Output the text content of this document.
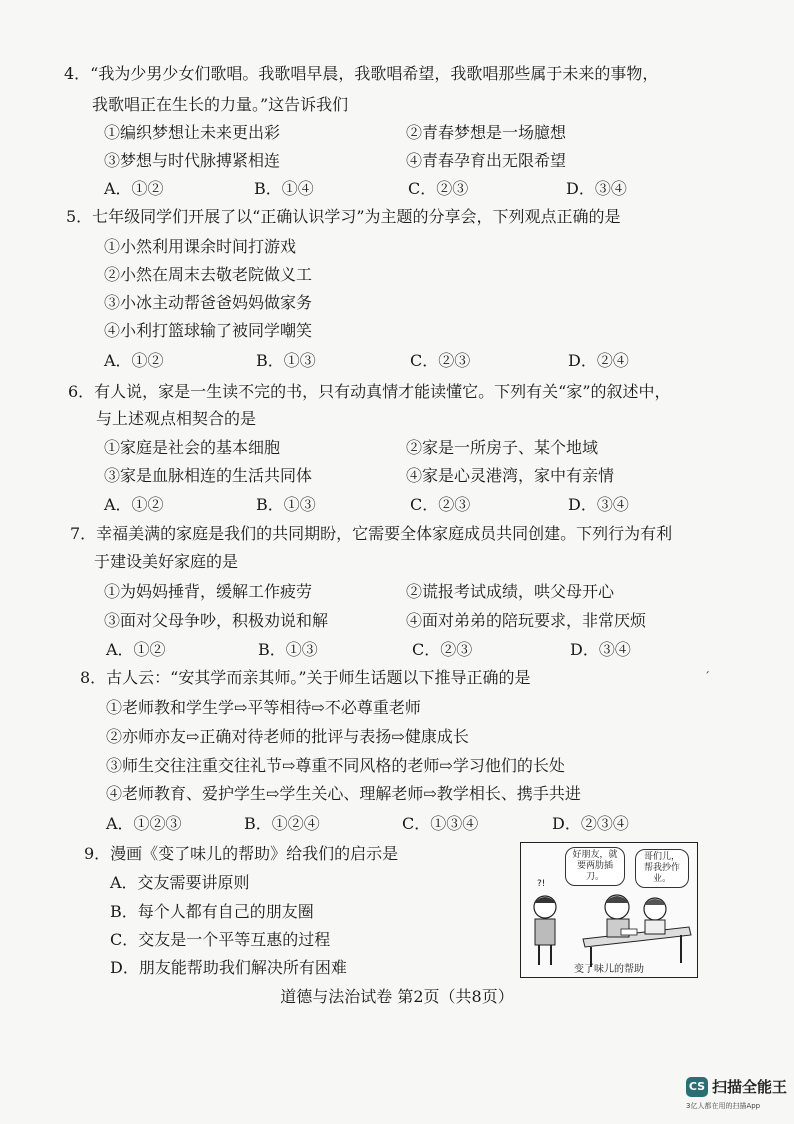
4．“我为少男少女们歌唱。我歌唱早晨，我歌唱希望，我歌唱那些属于未来的事物，
我歌唱正在生长的力量。”这告诉我们
①编织梦想让未来更出彩	②青春梦想是一场臆想
③梦想与时代脉搏紧相连	④青春孕育出无限希望
A．①②	B．①④	C．②③	D．③④
5．七年级同学们开展了以“正确认识学习”为主题的分享会，下列观点正确的是
①小然利用课余时间打游戏
②小然在周末去敬老院做义工
③小冰主动帮爸爸妈妈做家务
④小利打篮球输了被同学嘲笑
A．①②	B．①③	C．②③	D．②④
6．有人说，家是一生读不完的书，只有动真情才能读懂它。下列有关“家”的叙述中，
与上述观点相契合的是
①家庭是社会的基本细胞	②家是一所房子、某个地域
③家是血脉相连的生活共同体	④家是心灵港湾，家中有亲情
A．①②	B．①③	C．②③	D．③④
7．幸福美满的家庭是我们的共同期盼，它需要全体家庭成员共同创建。下列行为有利
于建设美好家庭的是
①为妈妈捶背，缓解工作疲劳	②谎报考试成绩，哄父母开心
③面对父母争吵，积极劝说和解	④面对弟弟的陪玩要求，非常厌烦
A．①②	B．①③	C．②③	D．③④
8．古人云：“安其学而亲其师。”关于师生话题以下推导正确的是
①老师教和学生学⇨平等相待⇨不必尊重老师
②亦师亦友⇨正确对待老师的批评与表扬⇨健康成长
③师生交往注重交往礼节⇨尊重不同风格的老师⇨学习他们的长处
④老师教育、爱护学生⇨学生关心、理解老师⇨教学相长、携手共进
A．①②③	B．①②④	C．①③④	D．②③④
9．漫画《变了味儿的帮助》给我们的启示是
A．交友需要讲原则
B．每个人都有自己的朋友圈
C．交友是一个平等互惠的过程
D．朋友能帮助我们解决所有困难
好朋友，就要两肋插刀。
哥们儿，帮我抄作业。
?!
变了味儿的帮助
道德与法治试卷 第2页（共8页）
ˊ
CS 扫描全能王
3亿人都在用的扫描App
